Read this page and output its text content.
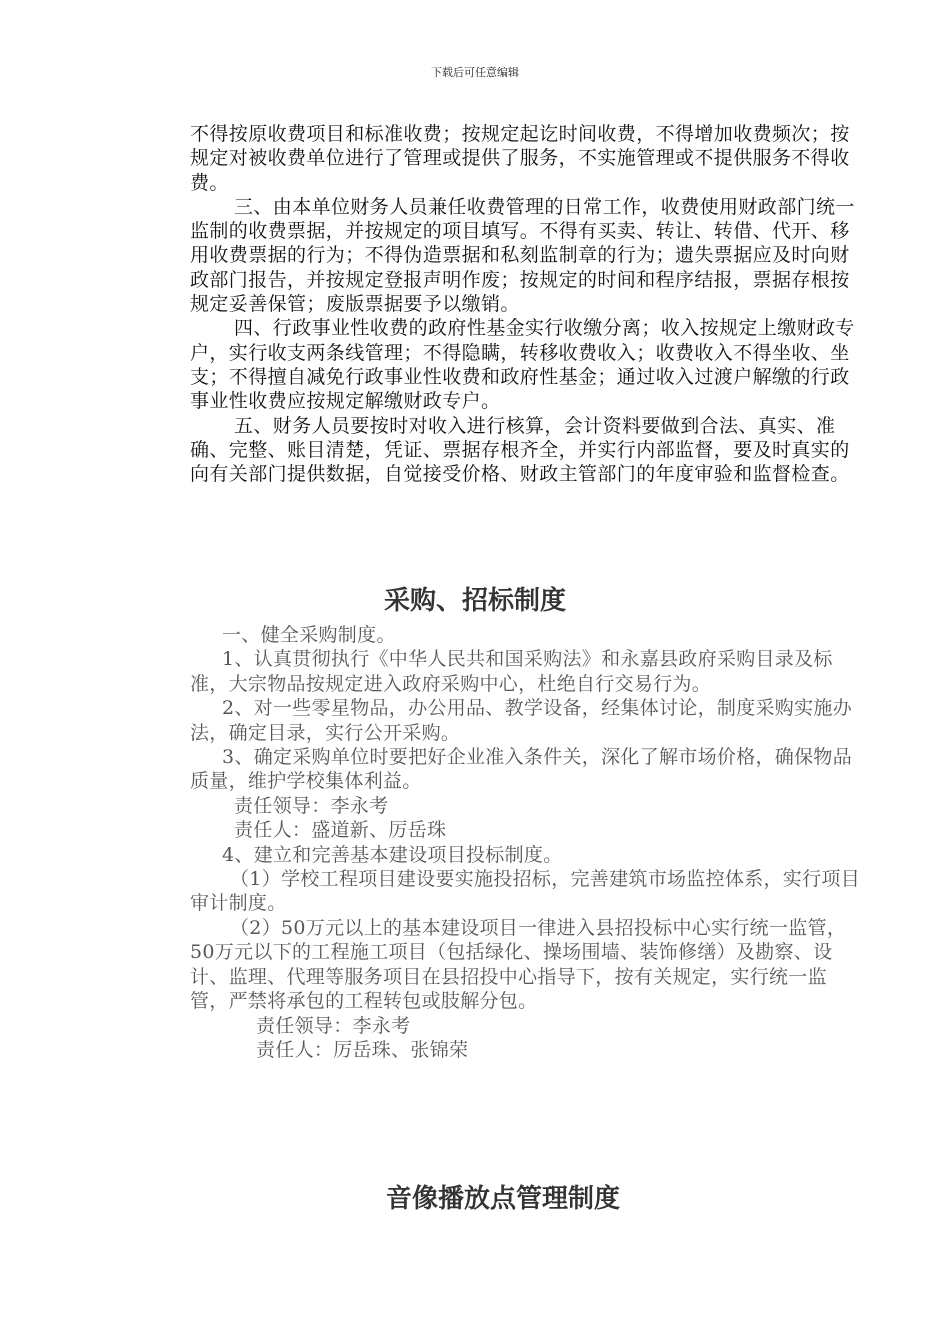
下载后可任意编辑

不得按原收费项目和标准收费；按规定起讫时间收费，不得增加收费频次；按规定对被收费单位进行了管理或提供了服务，不实施管理或不提供服务不得收费。

三、由本单位财务人员兼任收费管理的日常工作，收费使用财政部门统一监制的收费票据，并按规定的项目填写。不得有买卖、转让、转借、代开、移用收费票据的行为；不得伪造票据和私刻监制章的行为；遗失票据应及时向财政部门报告，并按规定登报声明作废；按规定的时间和程序结报，票据存根按规定妥善保管；废版票据要予以缴销。

四、行政事业性收费的政府性基金实行收缴分离；收入按规定上缴财政专户，实行收支两条线管理；不得隐瞒，转移收费收入；收费收入不得坐收、坐支；不得擅自减免行政事业性收费和政府性基金；通过收入过渡户解缴的行政事业性收费应按规定解缴财政专户。

五、财务人员要按时对收入进行核算，会计资料要做到合法、真实、准确、完整、账目清楚，凭证、票据存根齐全，并实行内部监督，要及时真实的向有关部门提供数据，自觉接受价格、财政主管部门的年度审验和监督检查。

采购、招标制度

一、健全采购制度。

1、认真贯彻执行《中华人民共和国采购法》和永嘉县政府采购目录及标准，大宗物品按规定进入政府采购中心，杜绝自行交易行为。

2、对一些零星物品，办公用品、教学设备，经集体讨论，制度采购实施办法，确定目录，实行公开采购。

3、确定采购单位时要把好企业准入条件关，深化了解市场价格，确保物品质量，维护学校集体利益。

责任领导：李永考

责任人：盛道新、厉岳珠

4、建立和完善基本建设项目投标制度。

（1）学校工程项目建设要实施投招标，完善建筑市场监控体系，实行项目审计制度。

（2）50万元以上的基本建设项目一律进入县招投标中心实行统一监管，50万元以下的工程施工项目（包括绿化、操场围墙、装饰修缮）及勘察、设计、监理、代理等服务项目在县招投中心指导下，按有关规定，实行统一监管，严禁将承包的工程转包或肢解分包。

责任领导：李永考

责任人：厉岳珠、张锦荣

音像播放点管理制度
